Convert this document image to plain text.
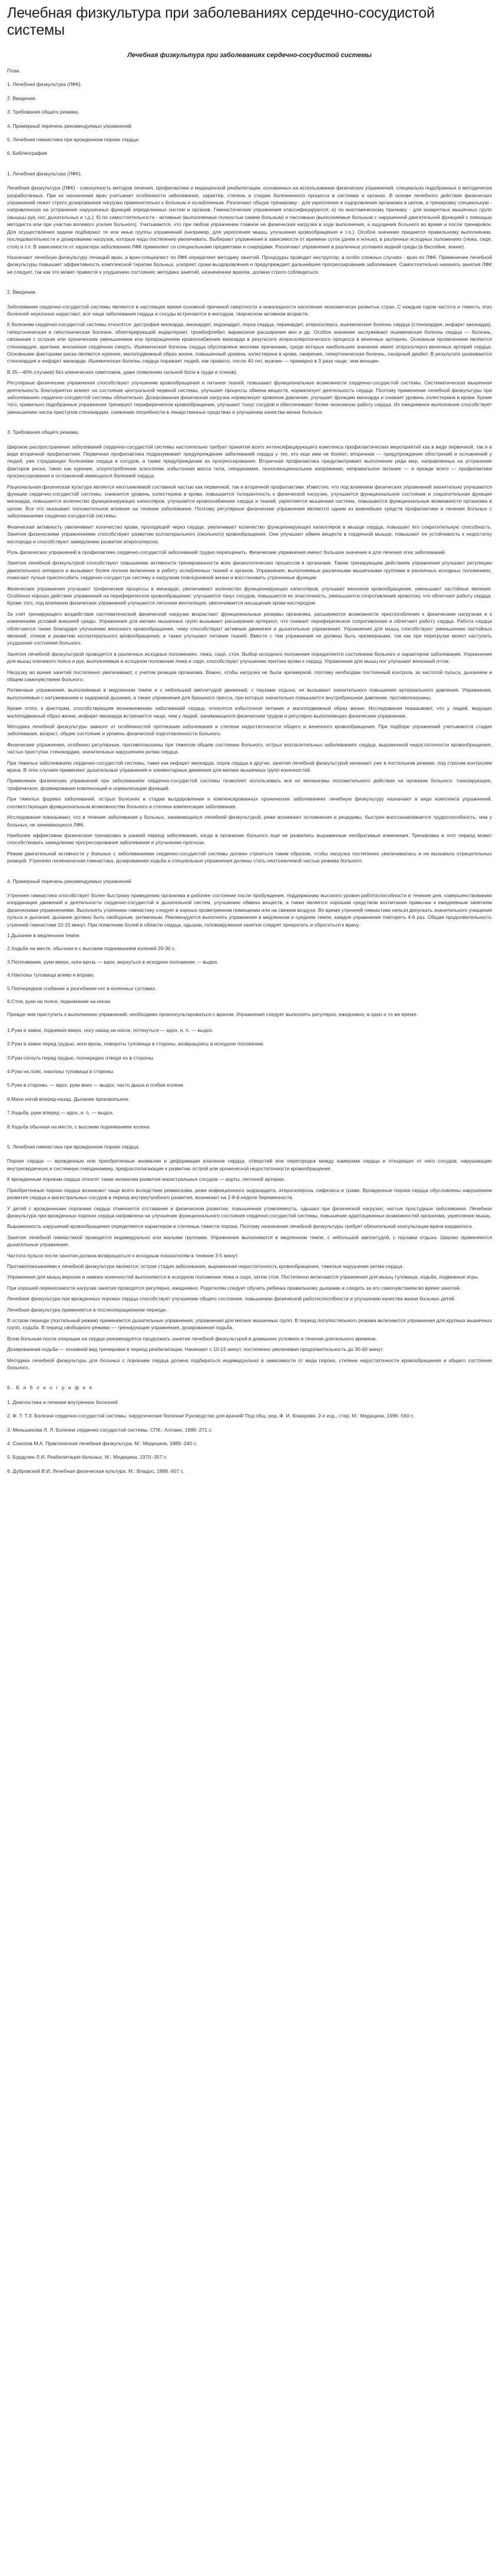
Лечебная физкультура при заболеваниях сердечно-сосудистой системы
Лечебная физкультура при заболеваниях сердечно-сосудистой системы

План.

1. Лечебная физкультура (ЛФК).

2. Введение.

3. Требования общего режима.

4. Примерный перечень рекомендуемых упражнений.

5. Лечебная гимнастика при врожденном пороке сердца.

6. Библиография

1. Лечебная физкультура (ЛФК).

Лечебная физкультура (ЛФК) - совокупность методов лечения, профилактики и медицинской реабилитации, основанных на использовании физических упражнений, специально подобранных и методически разработанных. При их назначении врач учитывает особенности заболевания, характер, степень и стадию болезненного процесса в системах и органах. В основе лечебного действия физических упражнений лежит строго дозированная нагрузка применительно к больным и ослабленным. Различают общую тренировку - для укрепления и оздоровления организма в целом, и тренировку специальную - направленную на устранение нарушенных функций определенных систем и органов. Гимнастические упражнения классифицируются: а) по анатомическому признаку - для конкретных мышечных групп (мышцы рук, ног, дыхательных и т.д.); б) по самостоятельности - активные (выполняемые полностью самим больным) и пассивные (выполняемые больным с нарушенной двигательной функцией с помощью методиста или при участии волевого усилия больного). Учитываются, что при любом упражнении главное не физическая нагрузка в ходе выполнения, а ощущения больного во время и после тренировок. Для осуществления задачи подбирают те или иные группы упражнений (например, для укрепления мышц, улучшения кровообращения и т.п.). Особое значение придается правильному выполнению, последовательности и дозированию нагрузок, которые надо постепенно увеличивать. Выбирают упражнения в зависимости от времени суток (днем и ночью), в различных исходных положениях (лежа, сидя, стоя) и т.п. В зависимости от характера заболевания ЛФК применяют со специальными предметами и снарядами. Различают упражнения в различных условиях водной среды (в бассейне, ванне).

Назначают лечебную физкультуру лечащий врач, а врач-специалист по ЛФК определяет методику занятий. Процедуры проводит инструктор; в особо сложных случаях - врач по ЛФК. Применение лечебной физкультуры повышает эффективность комплексной терапии больных, ускоряет сроки выздоровления и предупреждает дальнейшее прогрессирование заболевания. Самостоятельно начинать занятия ЛФК не следует, так как это может привести к ухудшению состояния; методика занятий, назначенная врачом, должна строго соблюдаться.

2. Введение.

Заболевания сердечно-сосудистой системы являются в настоящее время основной причиной смертности и инвалидности населения экономически развитых стран. С каждым годом частота и тяжесть этих болезней неуклонно нарастают, все чаще заболевания сердца и сосуды встречаются в молодом, творческом активном возрасте.

К болезням сердечно-сосудистой системы относятся: дистрофия миокарда, миокардит, эндокардит, порок сердца, перикардит, атеросклероз, ишемическая болезнь сердца (стенокардия, инфаркт миокарда), гипертоническая и гипотоническая болезни, облитерирующий эндартериит, тромбофлебит, варикозное расширение вен и др. Особое значение заслуживают ишемическая болезнь сердца — болезнь, связанная с острым или хроническим уменьшением или прекращением кровоснабжения миокарда в результате атеросклеротического процесса в венечных артериях. Основным проявлением являются стенокардия, аритмии, внезапная сердечная смерть. Ишемическая болезнь сердца обусловлена многими причинами, среди которых наибольшее значение имеет атеросклероз венечных артерий сердца. Основными факторами риска являются курение, малоподвижный образ жизни, повышенный уровень холестерина в крови, ожирение, гипертоническая болезнь, сахарный диабет. В результате развиваются стенокардия и инфаркт миокарда. Ишемическая болезнь сердца поражает людей, как правило, после 40 лет, мужчин — примерно в 3 раза чаще, чем женщин.

В 35—40% случаев) без клинических симптомов, даже появлению сильной боли в груди и отеков).

Регулярные физические упражнения способствуют улучшению кровообращения и питания тканей, повышают функциональные возможности сердечно-сосудистой системы. Систематическая мышечная деятельность благоприятно влияет на состояние центральной нервной системы, улучшает процессы обмена веществ, нормализует деятельность сердца. Поэтому применение лечебной физкультуры при заболеваниях сердечно-сосудистой системы обязательно. Дозированная физическая нагрузка нормализует кровяное давление, улучшает функцию миокарда и снижает уровень холестерина в крови. Кроме того, правильно подобранные упражнения тренируют периферическое кровообращение, улучшают тонус сосудов и обеспечивают более экономную работу сердца. Их ежедневное выполнение способствует уменьшению числа приступов стенокардии, снижению потребности в лекарственных средствах и улучшению качества жизни больных.

3. Требования общего режима.

Широкое распространение заболеваний сердечно-сосудистой системы настоятельно требует принятия всего интенсифицирующего комплекса профилактических мероприятий как в виде первичной, так и в виде вторичной профилактики. Первичная профилактика подразумевает предупреждение заболеваний сердца у тех, кто еще ими не болеет; вторичная — предупреждение обострений и осложнений у людей, уже страдающих болезнями сердца и сосудов, а также предупреждение их прогрессирования. Вторичная профилактика предусматривает выполнение ряда мер, направленных на устранение факторов риска, таких как курение, злоупотребление алкоголем, избыточная масса тела, гиподинамия, психоэмоциональное напряжение, неправильное питание — и прежде всего — профилактики прогрессирования и осложнений имеющихся болезней сердца.

Рациональная физическая культура является неотъемлемой составной частью как первичной, так и вторичной профилактики. Известно, что под влиянием физических упражнений значительно улучшаются функции сердечно-сосудистой системы, снижается уровень холестерина в крови, повышается толерантность к физической нагрузке, улучшается функциональное состояние и сократительная функция миокарда, повышается количество функционирующих капилляров, улучшается кровоснабжение сердца и тканей, укрепляется мышечная система, повышаются функциональные возможности организма в целом. Все это оказывает положительное влияние на течение заболевания. Поэтому регулярные физические упражнения являются одним из важнейших средств профилактики и лечения больных с заболеваниями сердечно-сосудистой системы.

Физическая активность увеличивает количество крови, проходящей через сердце; увеличивает количество функционирующих капилляров в мышце сердца, повышает его сократительную способность. Занятия физическими упражнениями способствуют развитию коллатерального (окольного) кровообращения. Они улучшают обмен веществ в сердечной мышце, повышают ее устойчивость к недостатку кислорода и способствуют замедлению развития атеросклероза.

Роль физических упражнений в профилактике сердечно-сосудистой заболеваний трудно переоценить. Физические упражнения имеют большое значение и для лечения этих заболеваний.

Занятия лечебной физкультурой способствуют повышению активности тренированности всех физиологических процессов в организме. Таким тренирующим действием упражнения улучшают регуляцию двигательного аппарата и вызывают более полное включение в работу ослабленных тканей и органов. Упражнения, выполняемые различными мышечными группами в различных исходных положениях, помогают лучше приспособить сердечно-сосудистую систему к нагрузкам повседневной жизни и восстановить утраченные функции.

Физические упражнения улучшают трофические процессы в миокарде, увеличивают количество функционирующих капилляров, улучшают венозное кровообращение, уменьшают застойные явления. Особенно хорошо действие упражнений на периферическое кровообращение: улучшается тонус сосудов, повышается их эластичность, уменьшается сопротивление кровотоку, что облегчает работу сердца. Кроме того, под влиянием физических упражнений улучшается легочная вентиляция, увеличивается насыщение крови кислородом.

За счет тренирующего воздействия систематической физической нагрузки возрастают функциональные резервы организма, расширяются возможности приспособления к физическим нагрузкам и к изменениям условий внешней среды. Упражнения для мелких мышечных групп вызывают расширение артериол, что снижает периферическое сопротивление и облегчает работу сердца. Работа сердца облегчается также благодаря улучшению венозного кровообращения, чему способствуют активные движения и дыхательные упражнения. Упражнения для мышц способствуют уменьшению застойных явлений, отеков и развитию коллатерального кровообращения, а также улучшают питание тканей. Вместе с тем упражнения не должны быть чрезмерными, так как при перегрузке может наступить ухудшение состояния больного.

Занятия лечебной физкультурой проводятся в различных исходных положениях: лежа, сидя, стоя. Выбор исходного положения определяется состоянием больного и характером заболевания. Упражнения для мышц плечевого пояса и рук, выполняемые в исходном положении лежа и сидя, способствуют улучшению притока крови к сердцу. Упражнения для мышц ног улучшают венозный отток.

Нагрузку во время занятий постепенно увеличивают, с учетом реакции организма. Важно, чтобы нагрузка не была чрезмерной, поэтому необходим постоянный контроль за частотой пульса, дыханием и общим самочувствием больного.

Ритмичные упражнения, выполняемые в медленном темпе и с небольшой амплитудой движений, с паузами отдыха, не вызывают значительного повышения артериального давления. Упражнения, выполняемые с натуживанием и задержкой дыхания, а также упражнения для брюшного пресса, при которых значительно повышается внутрибрюшное давление, противопоказаны.

Кроме этого, к факторам, способствующим возникновению заболеваний сердца, относятся избыточное питание и малоподвижный образ жизни. Исследования показывают, что у людей, ведущих малоподвижный образ жизни, инфаркт миокарда встречается чаще, чем у людей, занимающихся физическим трудом и регулярно выполняющих физические упражнения.

Методика лечебной физкультуры зависит от особенностей протекания заболевания и степени недостаточности общего и венечного кровообращения. При подборе упражнений учитываются стадия заболевания, возраст, общее состояние и уровень физической подготовленности больного.

Физические упражнения, особенно регулярные, противопоказаны при тяжелом общем состоянии больного, острых воспалительных заболеваниях сердца, выраженной недостаточности кровообращения, частых приступах стенокардии, значительных нарушениях ритма сердца.

При тяжелых заболеваниях сердечно-сосудистой системы, таких как инфаркт миокарда, порок сердца и другие, занятия лечебной физкультурой начинают уже в постельном режиме, под строгим контролем врача. В этих случаях применяют дыхательные упражнения и элементарные движения для мелких мышечных групп конечностей.

Применение физических упражнений при заболеваниях сердечно-сосудистой системы позволяет использовать все их механизмы положительного действия на организм больного: тонизирующее, трофическое, формирования компенсаций и нормализации функций.

При тяжелых формах заболеваний, острых болезнях в стадии выздоровления и компенсированных хронических заболеваниях лечебную физкультуру назначают в виде комплекса упражнений, соответствующих функциональным возможностям больного и степени компенсации заболевания.

Исследования показывают, что в течение заболевания у больных, занимающихся лечебной физкультурой, реже возникают осложнения и рецидивы, быстрее восстанавливается трудоспособность, чем у больных, не занимающихся ЛФК.

Наиболее эффективна физическая тренировка в ранний период заболевания, когда в организме больного еще не развились выраженные необратимые изменения. Тренировка в этот период может способствовать замедлению прогрессирования заболевания и улучшению прогноза.

Режим двигательной активности у больных с заболеваниями сердечно-сосудистой системы должен строиться таким образом, чтобы нагрузка постепенно увеличивалась и не вызывала отрицательных реакций. Утренняя гигиеническая гимнастика, дозированная ходьба и специальные упражнения должны стать неотъемлемой частью режима больного.

4. Примерный перечень рекомендуемых упражнений

Утренняя гимнастика способствует более быстрому приведению организма в рабочее состояние после пробуждения, поддержанию высокого уровня работоспособности в течение дня, совершенствованию координации движений и деятельности сердечно-сосудистой и дыхательной систем, улучшению обмена веществ, а также является хорошим средством воспитания привычки к ежедневным занятиям физическими упражнениями. Выполнять утреннюю гимнастику следует в хорошо проветренном помещении или на свежем воздухе. Во время утренней гимнастики нельзя допускать значительного учащения пульса и дыхания; дыхание должно быть свободным, ритмичным. Рекомендуется выполнять упражнения в медленном и среднем темпе, каждое упражнение повторять 4-6 раз. Общая продолжительность утренней гимнастики 10-15 минут. При появлении болей в области сердца, одышки, головокружения занятия следует прекратить и обратиться к врачу.

1.Дыхание в медленном темпе.

2.Ходьба на месте, обычная и с высоким подниманием коленей 20-30 с.

3.Потягивание, руки вверх, ноги врозь — вдох, вернуться в исходное положение — выдох.

4.Наклоны туловища влево и вправо.

5.Поочередное сгибание и разгибание ног в коленных суставах.

6.Стоя, руки на поясе, поднимание на носки.

Прежде чем приступить к выполнению упражнений, необходимо проконсультироваться с врачом. Упражнения следует выполнять регулярно, ежедневно, в одно и то же время.

1.Руки в замок, поднимая вверх, ногу назад на носок, потянуться — вдох, и. п. — выдох.

2.Руки в замок перед грудью, ноги врозь, повороты туловища в стороны, возвращаясь в исходное положение.

3.Руки согнуть перед грудью, поочередно отводя их в стороны.

4.Руки на пояс, наклоны туловища в стороны.

5.Руки в стороны, — вдох, руки вниз — выдох, часто дыша и сгибая колени.

6.Махи ногой вперед-назад. Дыхание произвольное.

7.Ходьба, руки вперед — вдох, и. п. — выдох.

8.Ходьба обычная на месте, с высоким подниманием колена.

5. Лечебная гимнастика при врожденном пороке сердца.

Пороки сердца — врожденные или приобретенные аномалии и деформации клапанов сердца, отверстий или перегородок между камерами сердца и отходящих от него сосудов, нарушающие внутрисердечную и системную гемодинамику, предрасполагающие к развитию острой или хронической недостаточности кровообращения.

К врожденным порокам сердца относят такие аномалии развития магистральных сосудов — аорты, легочной артерии.

Приобретенные пороки сердца возникают чаще всего вследствие ревматизма, реже инфекционного эндокардита, атеросклероза, сифилиса и травм. Врожденные пороки сердца обусловлены нарушением развития сердца и магистральных сосудов в период внутриутробного развития, возникают на 2-8-й неделе беременности.

У детей с врожденными пороками сердца отмечается отставание в физическом развитии, повышенная утомляемость, одышка при физической нагрузке, частые простудные заболевания. Лечебная физкультура при врожденных пороках сердца направлена на улучшение функционального состояния сердечно-сосудистой системы, повышение адаптационных возможностей организма, укрепление мышц.

Выраженность нарушений кровообращения определяется характером и степенью тяжести порока. Поэтому назначение лечебной физкультуры требует обязательной консультации врача-кардиолога.

Занятия лечебной гимнастикой проводятся индивидуально или малыми группами. Упражнения выполняются в медленном темпе, с небольшой амплитудой, с паузами отдыха. Широко применяются дыхательные упражнения.

Частота пульса после занятия должна возвращаться к исходным показателям в течение 3-5 минут.

Противопоказаниями к лечебной физкультуре являются: острая стадия заболевания, выраженная недостаточность кровообращения, тяжелые нарушения ритма сердца.

Упражнения для мышц верхних и нижних конечностей выполняются в исходном положении лежа и сидя, затем стоя. Постепенно включаются упражнения для мышц туловища, ходьба, подвижные игры.

При хорошей переносимости нагрузки занятия проводятся регулярно, ежедневно. Родителям следует обучить ребенка правильному дыханию и следить за его самочувствием во время занятий.

Лечебная физкультура при врожденных пороках сердца способствует улучшению общего состояния, повышению физической работоспособности и улучшению качества жизни больных детей.

Лечебная физкультура применяется в послеоперационном периоде.

В остром периоде (постельный режим) применяются дыхательные упражнения, упражнения для мелких мышечных групп. В период полупостельного режима включаются упражнения для крупных мышечных групп, ходьба. В период свободного режима — тренирующие упражнения, дозированная ходьба.

Всем больным после операции на сердце рекомендуется продолжать занятия лечебной физкультурой в домашних условиях в течение длительного времени.

Дозированная ходьба — основной вид тренировки в период реабилитации. Начинают с 10-15 минут, постепенно увеличивая продолжительность до 30-60 минут.

Методика лечебной физкультуры для больных с пороками сердца должна подбираться индивидуально в зависимости от вида порока, степени недостаточности кровообращения и общего состояния больного.

6. Б и б л и о г р а ф и я

1. Диагностика и лечение внутренних болезней.

2. Ф. Т. Т.З. Болезни сердечно-сосудистой системы, хирургические болезни/ Руководство для врачей/ Под общ. ред. Ф. И. Комарова. 2-е изд., стер. М.: Медицина, 1996.-560 с.

3. Меньшикова Л. Л. Болезни сердечно-сосудистой системы. СПб.: Аллаин, 1998.-271 с.

4. Соколов М.А. Практическая лечебная физкультура. М.: Медицина, 1989.-240 с.

5. Бурдулин Л.И. Реабилитация больных. М.: Медицина, 1970.-357 с.

6. Дубровский В.И. Лечебная физическая культура. М.: Владос, 1999.-607 с.
